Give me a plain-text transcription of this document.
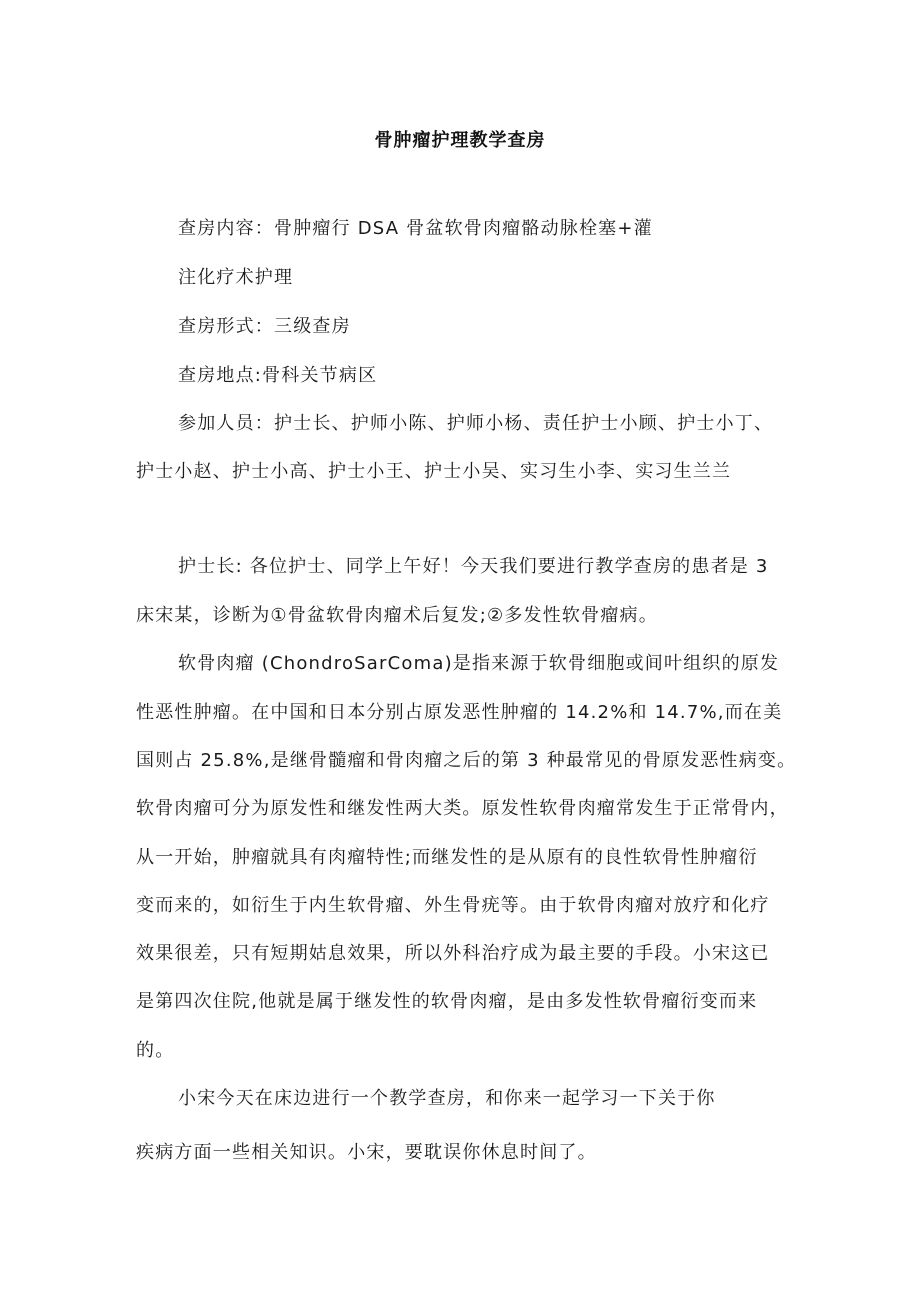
骨肿瘤护理教学查房
查房内容：骨肿瘤行 DSA 骨盆软骨肉瘤骼动脉栓塞+灌
注化疗术护理
查房形式：三级查房
查房地点:骨科关节病区
参加人员：护士长、护师小陈、护师小杨、责任护士小顾、护士小丁、
护士小赵、护士小高、护士小王、护士小吴、实习生小李、实习生兰兰
护士长: 各位护士、同学上午好！今天我们要进行教学查房的患者是 3
床宋某，诊断为①骨盆软骨肉瘤术后复发;②多发性软骨瘤病。
软骨肉瘤 (ChondroSarComa)是指来源于软骨细胞或间叶组织的原发
性恶性肿瘤。在中国和日本分别占原发恶性肿瘤的 14.2%和 14.7%,而在美
国则占 25.8%,是继骨髓瘤和骨肉瘤之后的第 3 种最常见的骨原发恶性病变。
软骨肉瘤可分为原发性和继发性两大类。原发性软骨肉瘤常发生于正常骨内，
从一开始，肿瘤就具有肉瘤特性;而继发性的是从原有的良性软骨性肿瘤衍
变而来的，如衍生于内生软骨瘤、外生骨疣等。由于软骨肉瘤对放疗和化疗
效果很差，只有短期姑息效果，所以外科治疗成为最主要的手段。小宋这已
是第四次住院,他就是属于继发性的软骨肉瘤，是由多发性软骨瘤衍变而来
的。
小宋今天在床边进行一个教学查房，和你来一起学习一下关于你
疾病方面一些相关知识。小宋，要耽误你休息时间了。
